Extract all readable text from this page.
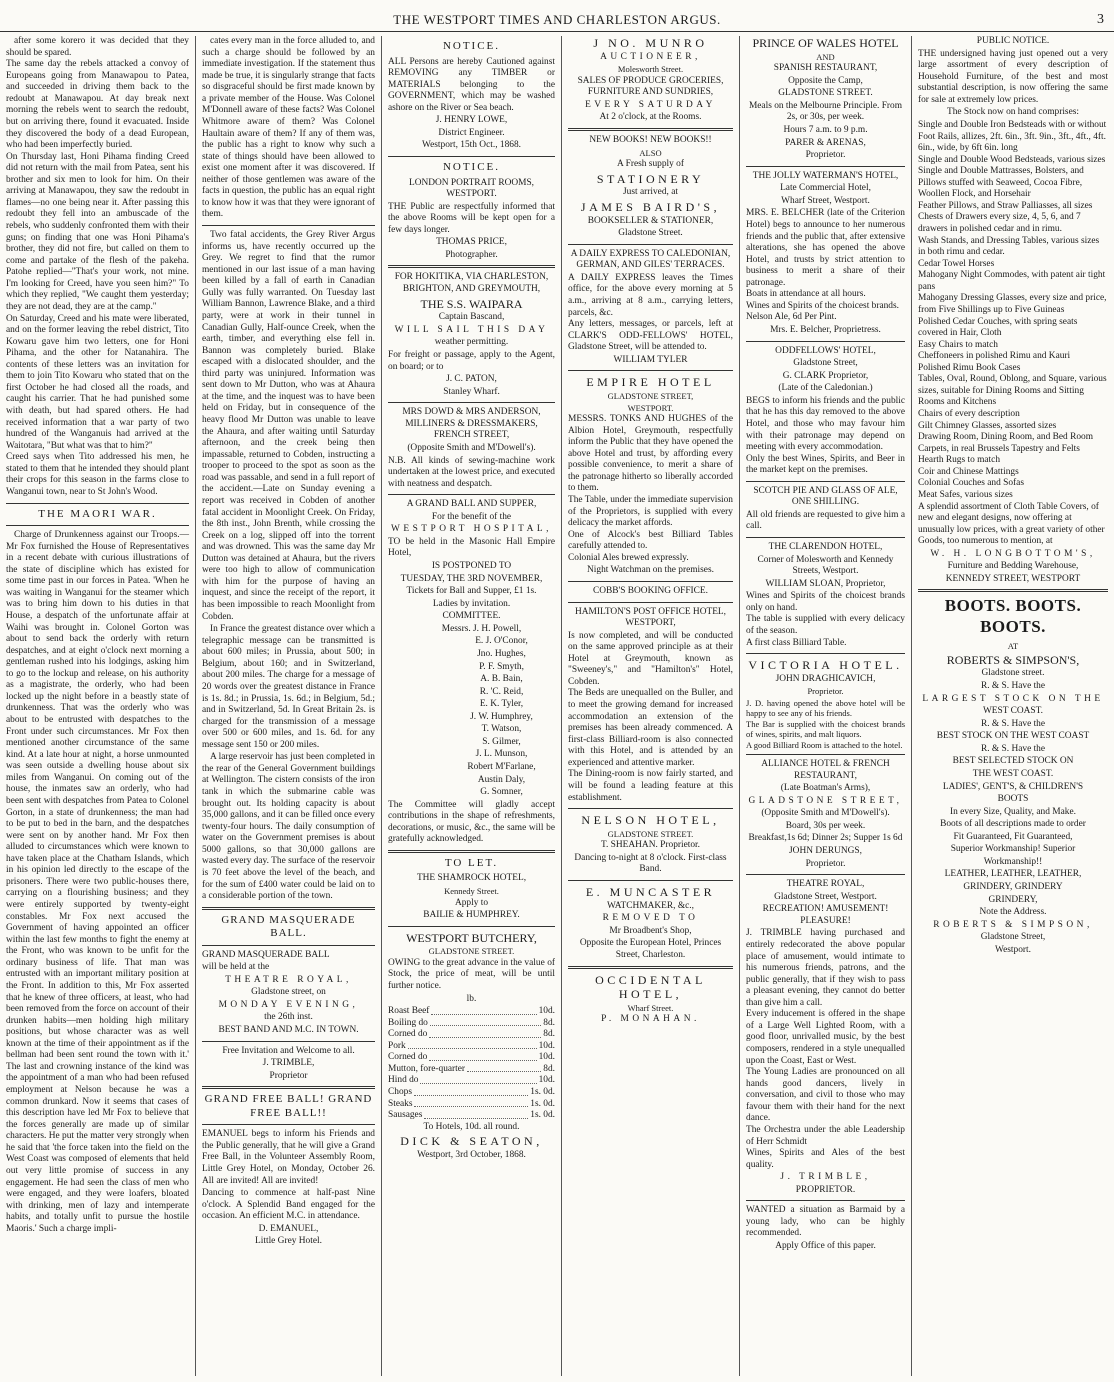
THE WESTPORT TIMES AND CHARLESTON ARGUS.	3

after some korero it was decided that they should be spared.
The same day the rebels attacked a convoy of Europeans going from Manawapou to Patea, and succeeded in driving them back to the redoubt at Manawapou. At day break next morning the rebels went to search the redoubt, but on arriving there, found it evacuated. Inside they discovered the body of a dead European, who had been imperfectly buried.
On Thursday last, Honi Pihama finding Creed did not return with the mail from Patea, sent his brother and six men to look for him. On their arriving at Manawapou, they saw the redoubt in flames—no one being near it. After passing this redoubt they fell into an ambuscade of the rebels, who suddenly confronted them with their guns; on finding that one was Honi Pihama's brother, they did not fire, but called on them to come and partake of the flesh of the pakeha. Patohe replied—"That's your work, not mine. I'm looking for Creed, have you seen him?" To which they replied, "We caught them yesterday; they are not dead, they are at the camp."
On Saturday, Creed and his mate were liberated, and on the former leaving the rebel district, Tito Kowaru gave him two letters, one for Honi Pihama, and the other for Natanahira. The contents of these letters was an invitation for them to join Tito Kowaru who stated that on the first October he had closed all the roads, and caught his carrier. That he had punished some with death, but had spared others. He had received information that a war party of two hundred of the Wanganuis had arrived at the Waitotara, "But what was that to him?"
Creed says when Tito addressed his men, he stated to them that he intended they should plant their crops for this season in the farms close to Wanganui town, near to St John's Wood.

THE MAORI WAR.

Charge of Drunkenness against our Troops.—Mr Fox furnished the House of Representatives in a recent debate with curious illustrations of the state of discipline which has existed for some time past in our forces in Patea. 'When he was waiting in Wanganui for the steamer which was to bring him down to his duties in that House, a despatch of the unfortunate affair at Waihi was brought in. Colonel Gorton was about to send back the orderly with return despatches, and at eight o'clock next morning a gentleman rushed into his lodgings, asking him to go to the lockup and release, on his authority as a magistrate, the orderly, who had been locked up the night before in a beastly state of drunkenness. That was the orderly who was about to be entrusted with despatches to the Front under such circumstances. Mr Fox then mentioned another circumstance of the same kind. At a late hour at night, a horse unmounted was seen outside a dwelling house about six miles from Wanganui. On coming out of the house, the inmates saw an orderly, who had been sent with despatches from Patea to Colonel Gorton, in a state of drunkenness; the man had to be put to bed in the barn, and the despatches were sent on by another hand. Mr Fox then alluded to circumstances which were known to have taken place at the Chatham Islands, which in his opinion led directly to the escape of the prisoners. There were two public-houses there, carrying on a flourishing business; and they were entirely supported by twenty-eight constables. Mr Fox next accused the Government of having appointed an officer within the last few months to fight the enemy at the Front, who was known to be unfit for the ordinary business of life. That man was entrusted with an important military position at the Front. In addition to this, Mr Fox asserted that he knew of three officers, at least, who had been removed from the force on account of their drunken habits—men holding high military positions, but whose character was as well known at the time of their appointment as if the bellman had been sent round the town with it.' The last and crowning instance of the kind was the appointment of a man who had been refused employment at Nelson because he was a common drunkard. Now it seems that cases of this description have led Mr Fox to believe that the forces generally are made up of similar characters. He put the matter very strongly when he said that 'the force taken into the field on the West Coast was composed of elements that held out very little promise of success in any engagement. He had seen the class of men who were engaged, and they were loafers, bloated with drinking, men of lazy and intemperate habits, and totally unfit to pursue the hostile Maoris.' Such a charge impli-

cates every man in the force alluded to, and such a charge should be followed by an immediate investigation. If the statement thus made be true, it is singularly strange that facts so disgraceful should be first made known by a private member of the House. Was Colonel M'Donnell aware of these facts? Was Colonel Whitmore aware of them? Was Colonel Haultain aware of them? If any of them was, the public has a right to know why such a state of things should have been allowed to exist one moment after it was discovered. If neither of those gentlemen was aware of the facts in question, the public has an equal right to know how it was that they were ignorant of them.

Two fatal accidents, the Grey River Argus informs us, have recently occurred up the Grey. We regret to find that the rumor mentioned in our last issue of a man having been killed by a fall of earth in Canadian Gully was fully warranted. On Tuesday last William Bannon, Lawrence Blake, and a third party, were at work in their tunnel in Canadian Gully, Half-ounce Creek, when the earth, timber, and everything else fell in. Bannon was completely buried. Blake escaped with a dislocated shoulder, and the third party was uninjured. Information was sent down to Mr Dutton, who was at Ahaura at the time, and the inquest was to have been held on Friday, but in consequence of the heavy flood Mr Dutton was unable to leave the Ahaura, and after waiting until Saturday afternoon, and the creek being then impassable, returned to Cobden, instructing a trooper to proceed to the spot as soon as the road was passable, and send in a full report of the accident.—Late on Sunday evening a report was received in Cobden of another fatal accident in Moonlight Creek. On Friday, the 8th inst., John Brenth, while crossing the Creek on a log, slipped off into the torrent and was drowned. This was the same day Mr Dutton was detained at Ahaura, but the rivers were too high to allow of communication with him for the purpose of having an inquest, and since the receipt of the report, it has been impossible to reach Moonlight from Cobden.

In France the greatest distance over which a telegraphic message can be transmitted is about 600 miles; in Prussia, about 500; in Belgium, about 160; and in Switzerland, about 200 miles. The charge for a message of 20 words over the greatest distance in France is 1s. 8d.; in Prussia, 1s. 6d.; in Belgium, 5d.; and in Switzerland, 5d. In Great Britain 2s. is charged for the transmission of a message over 500 or 600 miles, and 1s. 6d. for any message sent 150 or 200 miles.

A large reservoir has just been completed in the rear of the General Government buildings at Wellington. The cistern consists of the iron tank in which the submarine cable was brought out. Its holding capacity is about 35,000 gallons, and it can be filled once every twenty-four hours. The daily consumption of water on the Government premises is about 5000 gallons, so that 30,000 gallons are wasted every day. The surface of the reservoir is 70 feet above the level of the beach, and for the sum of £400 water could be laid on to a considerable portion of the town.

GRAND MASQUERADE BALL.

GRAND MASQUERADE BALL

will be held at the

THEATRE ROYAL,

Gladstone street, on

MONDAY EVENING,

the 26th inst.

BEST BAND AND M.C. IN TOWN.

Free Invitation and Welcome to all.

J. TRIMBLE,

Proprietor

GRAND FREE BALL! GRAND FREE BALL!!

EMANUEL begs to inform his Friends and the Public generally, that he will give a Grand Free Ball, in the Volunteer Assembly Room, Little Grey Hotel, on Monday, October 26. All are invited! All are invited!

Dancing to commence at half-past Nine o'clock. A Splendid Band engaged for the occasion. An efficient M.C. in attendance.

D. EMANUEL,

Little Grey Hotel.

NOTICE.

ALL Persons are hereby Cautioned against REMOVING any TIMBER or MATERIALS belonging to the GOVERNMENT, which may be washed ashore on the River or Sea beach.

J. HENRY LOWE,

District Engineer.

Westport, 15th Oct., 1868.

NOTICE.

LONDON PORTRAIT ROOMS, WESTPORT.

THE Public are respectfully informed that the above Rooms will be kept open for a few days longer.

THOMAS PRICE,

Photographer.

FOR HOKITIKA, VIA CHARLESTON, BRIGHTON, AND GREYMOUTH,

THE S.S. WAIPARA

Captain Bascand,

WILL SAIL THIS DAY

weather permitting.

For freight or passage, apply to the Agent, on board; or to

J. C. PATON,

Stanley Wharf.

MRS DOWD & MRS ANDERSON, MILLINERS & DRESSMAKERS, FRENCH STREET,

(Opposite Smith and M'Dowell's).

N.B. All kinds of sewing-machine work undertaken at the lowest price, and executed with neatness and despatch.

A GRAND BALL AND SUPPER,

For the benefit of the

WESTPORT HOSPITAL,

TO be held in the Masonic Hall Empire Hotel,

IS POSTPONED TO

TUESDAY, THE 3RD NOVEMBER,

Tickets for Ball and Supper, £1 1s.

Ladies by invitation.

COMMITTEE.

Messrs. J. H. Powell,

E. J. O'Conor,

Jno. Hughes,

P. F. Smyth,

A. B. Bain,

R. 'C. Reid,

E. K. Tyler,

J. W. Humphrey,

T. Watson,

S. Gilmer,

J. L. Munson,

Robert M'Farlane,

Austin Daly,

G. Somner,

The Committee will gladly accept contributions in the shape of refreshments, decorations, or music, &c., the same will be gratefully acknowledged.

TO LET.

THE SHAMROCK HOTEL,

Kennedy Street.

Apply to

BAILIE & HUMPHREY.

WESTPORT BUTCHERY,

GLADSTONE STREET.

OWING to the great advance in the value of Stock, the price of meat, will be until further notice.

lb.

Roast Beef	10d.
Boiling do	8d.
Corned do	8d.
Pork	10d.
Corned do	10d.
Mutton, fore-quarter	8d.
Hind do	10d.
Chops	1s. 0d.
Steaks	1s. 0d.
Sausages	1s. 0d.

To Hotels, 10d. all round.

DICK & SEATON,

Westport, 3rd October, 1868.

J NO. MUNRO

AUCTIONEER,

Molesworth Street.

SALES OF PRODUCE GROCERIES, FURNITURE AND SUNDRIES,

EVERY SATURDAY

At 2 o'clock, at the Rooms.

NEW BOOKS! NEW BOOKS!!

ALSO

A Fresh supply of

STATIONERY

Just arrived, at

JAMES BAIRD'S,

BOOKSELLER & STATIONER,

Gladstone Street.

A DAILY EXPRESS TO CALEDONIAN, GERMAN, AND GILES' TERRACES.

A DAILY EXPRESS leaves the Times office, for the above every morning at 5 a.m., arriving at 8 a.m., carrying letters, parcels, &c.
Any letters, messages, or parcels, left at CLARK'S ODD-FELLOWS' HOTEL, Gladstone Street, will be attended to.

WILLIAM TYLER

EMPIRE HOTEL

GLADSTONE STREET,

WESTPORT.

MESSRS. TONKS AND HUGHES of the Albion Hotel, Greymouth, respectfully inform the Public that they have opened the above Hotel and trust, by affording every possible convenience, to merit a share of the patronage hitherto so liberally accorded to them.
The Table, under the immediate supervision of the Proprietors, is supplied with every delicacy the market affords.
One of Alcock's best Billiard Tables carefully attended to.
Colonial Ales brewed expressly.

Night Watchman on the premises.

COBB'S BOOKING OFFICE.

HAMILTON'S POST OFFICE HOTEL, WESTPORT,

Is now completed, and will be conducted on the same approved principle as at their Hotel at Greymouth, known as "Sweeney's," and "Hamilton's" Hotel, Cobden.
The Beds are unequalled on the Buller, and to meet the growing demand for increased accommodation an extension of the premises has been already commenced. A first-class Billiard-room is also connected with this Hotel, and is attended by an experienced and attentive marker.
The Dining-room is now fairly started, and will be found a leading feature at this establishment.

NELSON HOTEL,

GLADSTONE STREET.

T. SHEAHAN. Proprietor.

Dancing to-night at 8 o'clock. First-class Band.

E. MUNCASTER

WATCHMAKER, &c.,

REMOVED TO

Mr Broadbent's Shop,

Opposite the European Hotel, Princes Street, Charleston.

OCCIDENTAL HOTEL,

Wharf Street.

P. MONAHAN.

PRINCE OF WALES HOTEL

AND

SPANISH RESTAURANT,

Opposite the Camp,

GLADSTONE STREET.

Meals on the Melbourne Principle. From 2s, or 30s, per week.

Hours 7 a.m. to 9 p.m.

PARER & ARENAS,

Proprietor.

THE JOLLY WATERMAN'S HOTEL,

Late Commercial Hotel,

Wharf Street, Westport.

MRS. E. BELCHER (late of the Criterion Hotel) begs to announce to her numerous friends and the public that, after extensive alterations, she has opened the above Hotel, and trusts by strict attention to business to merit a share of their patronage.
Boats in attendance at all hours.
Wines and Spirits of the choicest brands.
Nelson Ale, 6d Per Pint.

Mrs. E. Belcher, Proprietress.

ODDFELLOWS' HOTEL,

Gladstone Street,

G. CLARK Proprietor,

(Late of the Caledonian.)

BEGS to inform his friends and the public that he has this day removed to the above Hotel, and those who may favour him with their patronage may depend on meeting with every accommodation.
Only the best Wines, Spirits, and Beer in the market kept on the premises.

SCOTCH PIE AND GLASS OF ALE, ONE SHILLING.

All old friends are requested to give him a call.

THE CLARENDON HOTEL,

Corner of Molesworth and Kennedy Streets, Westport.

WILLIAM SLOAN, Proprietor,

Wines and Spirits of the choicest brands only on hand.
The table is supplied with every delicacy of the season.
A first class Billiard Table.

VICTORIA HOTEL.

JOHN DRAGHICAVICH,

Proprietor.

J. D. having opened the above hotel will be happy to see any of his friends.
The Bar is supplied with the choicest brands of wines, spirits, and malt liquors.
A good Billiard Room is attached to the hotel.

ALLIANCE HOTEL & FRENCH RESTAURANT,

(Late Boatman's Arms),

GLADSTONE STREET,

(Opposite Smith and M'Dowell's).

Board, 30s per week.

Breakfast,1s 6d; Dinner 2s; Supper 1s 6d

JOHN DERUNGS,

Proprietor.

THEATRE ROYAL,

Gladstone Street, Westport.

RECREATION! AMUSEMENT! PLEASURE!

J. TRIMBLE having purchased and entirely redecorated the above popular place of amusement, would intimate to his numerous friends, patrons, and the public generally, that if they wish to pass a pleasant evening, they cannot do better than give him a call.
Every inducement is offered in the shape of a Large Well Lighted Room, with a good floor, unrivalled music, by the best composers, rendered in a style unequalled upon the Coast, East or West.
The Young Ladies are pronounced on all hands good dancers, lively in conversation, and civil to those who may favour them with their hand for the next dance.
The Orchestra under the able Leadership of Herr Schmidt
Wines, Spirits and Ales of the best quality.

J. TRIMBLE,

PROPRIETOR.

WANTED a situation as Barmaid by a young lady, who can be highly recommended.

Apply Office of this paper.

PUBLIC NOTICE.

THE undersigned having just opened out a very large assortment of every description of Household Furniture, of the best and most substantial description, is now offering the same for sale at extremely low prices.

The Stock now on hand comprises:

Single and Double Iron Bedsteads with or without Foot Rails, allizes, 2ft. 6in., 3ft. 9in., 3ft., 4ft., 4ft. 6in., wide, by 6ft 6in. long
Single and Double Wood Bedsteads, various sizes
Single and Double Mattrasses, Bolsters, and Pillows stuffed with Seaweed, Cocoa Fibre, Woollen Flock, and Horsehair
Feather Pillows, and Straw Palliasses, all sizes
Chests of Drawers every size, 4, 5, 6, and 7 drawers in polished cedar and in rimu.
Wash Stands, and Dressing Tables, various sizes in both rimu and cedar.
Cedar Towel Horses
Mahogany Night Commodes, with patent air tight pans
Mahogany Dressing Glasses, every size and price, from Five Shillings up to Five Guineas
Polished Cedar Couches, with spring seats covered in Hair, Cloth
Easy Chairs to match
Cheffoneers in polished Rimu and Kauri
Polished Rimu Book Cases
Tables, Oval, Round, Oblong, and Square, various sizes, suitable for Dining Rooms and Sitting Rooms and Kitchens
Chairs of every description
Gilt Chimney Glasses, assorted sizes
Drawing Room, Dining Room, and Bed Room Carpets, in real Brussels Tapestry and Felts
Hearth Rugs to match
Coir and Chinese Mattings
Colonial Couches and Sofas
Meat Safes, various sizes
A splendid assortment of Cloth Table Covers, of new and elegant designs, now offering at unusually low prices, with a great variety of other Goods, too numerous to mention, at

W. H. LONGBOTTOM'S,

Furniture and Bedding Warehouse,

KENNEDY STREET, WESTPORT

BOOTS. BOOTS. BOOTS.

AT

ROBERTS & SIMPSON'S,

Gladstone street.

R. & S. Have the

LARGEST STOCK ON THE

WEST COAST.

R. & S. Have the

BEST STOCK ON THE WEST COAST

R. & S. Have the

BEST SELECTED STOCK ON

THE WEST COAST.

LADIES', GENT'S, & CHILDREN'S

BOOTS

In every Size, Quality, and Make.

Boots of all descriptions made to order

Fit Guaranteed, Fit Guaranteed,

Superior Workmanship! Superior

Workmanship!!

LEATHER, LEATHER, LEATHER,

GRINDERY, GRINDERY

GRINDERY,

Note the Address.

ROBERTS & SIMPSON,

Gladstone Street,

Westport.
